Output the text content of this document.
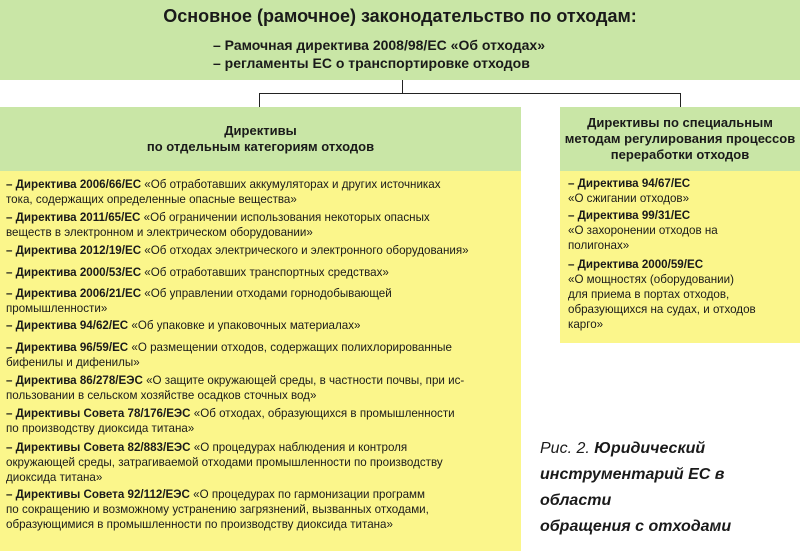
Основное (рамочное) законодательство по отходам:
– Рамочная директива 2008/98/ЕС «Об отходах»
– регламенты ЕС о транспортировке отходов
Директивы
по отдельным категориям отходов
– Директива 2006/66/ЕС «Об отработавших аккумуляторах и других источниках
тока, содержащих определенные опасные вещества»
– Директива 2011/65/ЕС «Об ограничении использования некоторых опасных
веществ в электронном и электрическом оборудовании»
– Директива 2012/19/ЕС «Об отходах электрического и электронного оборудования»
– Директива 2000/53/ЕС «Об отработавших транспортных средствах»
– Директива 2006/21/ЕС «Об управлении отходами горнодобывающей
промышленности»
– Директива 94/62/ЕС «Об упаковке и упаковочных материалах»
– Директива 96/59/ЕС «О размещении отходов, содержащих полихлорированные
бифенилы и дифенилы»
– Директива 86/278/ЕЭС «О защите окружающей среды, в частности почвы, при ис-
пользовании в сельском хозяйстве осадков сточных вод»
– Директивы Совета 78/176/ЕЭС «Об отходах, образующихся в промышленности
по производству диоксида титана»
– Директивы Совета 82/883/ЕЭС «О процедурах наблюдения и контроля
окружающей среды, затрагиваемой отходами промышленности по производству
диоксида титана»
– Директивы Совета 92/112/ЕЭС «О процедурах по гармонизации программ
по сокращению и возможному устранению загрязнений, вызванных отходами,
образующимися в промышленности по производству диоксида титана»
Директивы по специальным
методам регулирования процессов
переработки отходов
– Директива 94/67/ЕС
«О сжигании отходов»
– Директива 99/31/ЕС
«О захоронении отходов на
полигонах»
– Директива 2000/59/ЕС
«О мощностях (оборудовании)
для приема в портах отходов,
образующихся на судах, и отходов
карго»
Рис. 2. Юридический
инструментарий ЕС в области
обращения с отходами
